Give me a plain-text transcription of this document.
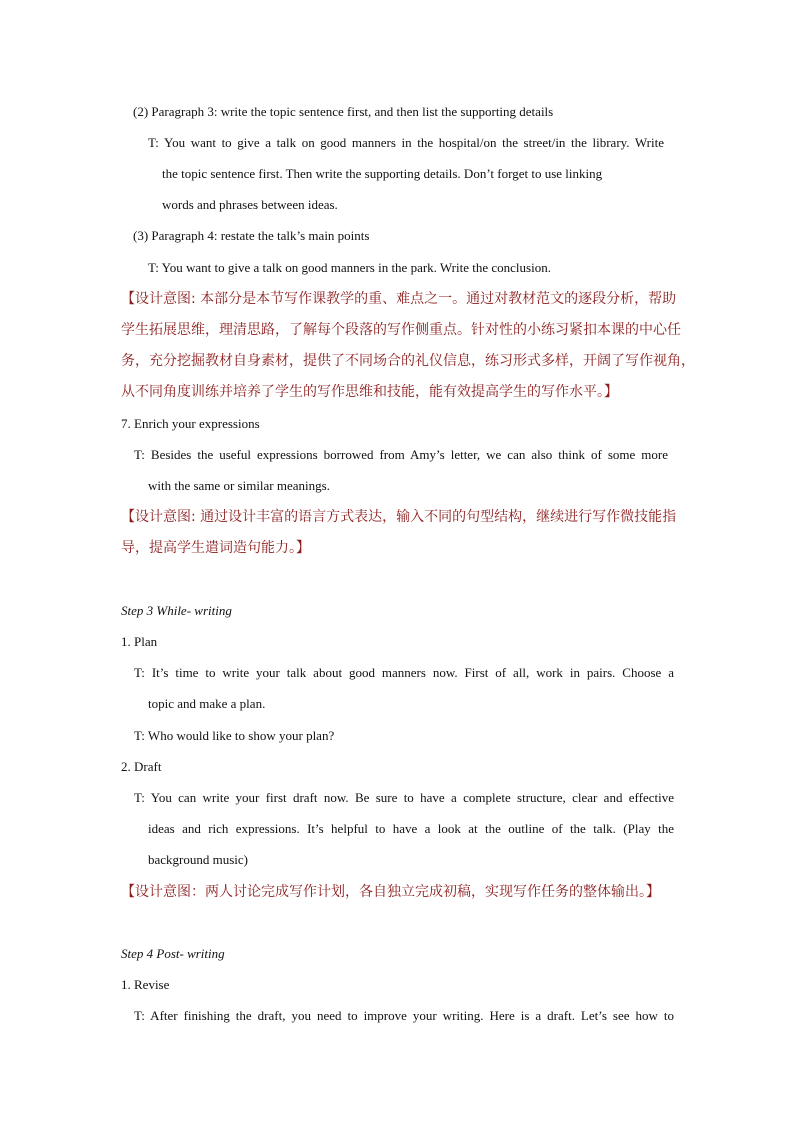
(2) Paragraph 3: write the topic sentence first, and then list the supporting details
T: You want to give a talk on good manners in the hospital/on the street/in the library. Write
the topic sentence first. Then write the supporting details. Don’t forget to use linking
words and phrases between ideas.
(3) Paragraph 4: restate the talk’s main points
T: You want to give a talk on good manners in the park. Write the conclusion.
【设计意图: 本部分是本节写作课教学的重、难点之一。通过对教材范文的逐段分析，帮助
学生拓展思维，理清思路，了解每个段落的写作侧重点。针对性的小练习紧扣本课的中心任
务，充分挖掘教材自身素材，提供了不同场合的礼仪信息，练习形式多样，开阔了写作视角，
从不同角度训练并培养了学生的写作思维和技能，能有效提高学生的写作水平。】
7. Enrich your expressions
T: Besides the useful expressions borrowed from Amy’s letter, we can also think of some more
with the same or similar meanings.
【设计意图: 通过设计丰富的语言方式表达，输入不同的句型结构，继续进行写作微技能指
导，提高学生遣词造句能力。】
Step 3 While- writing
1. Plan
T: It’s time to write your talk about good manners now. First of all, work in pairs. Choose a
topic and make a plan.
T: Who would like to show your plan?
2. Draft
T: You can write your first draft now. Be sure to have a complete structure, clear and effective
ideas and rich expressions. It’s helpful to have a look at the outline of the talk. (Play the
background music)
【设计意图：两人讨论完成写作计划，各自独立完成初稿，实现写作任务的整体输出。】
Step 4 Post- writing
1. Revise
T: After finishing the draft, you need to improve your writing. Here is a draft. Let’s see how to
